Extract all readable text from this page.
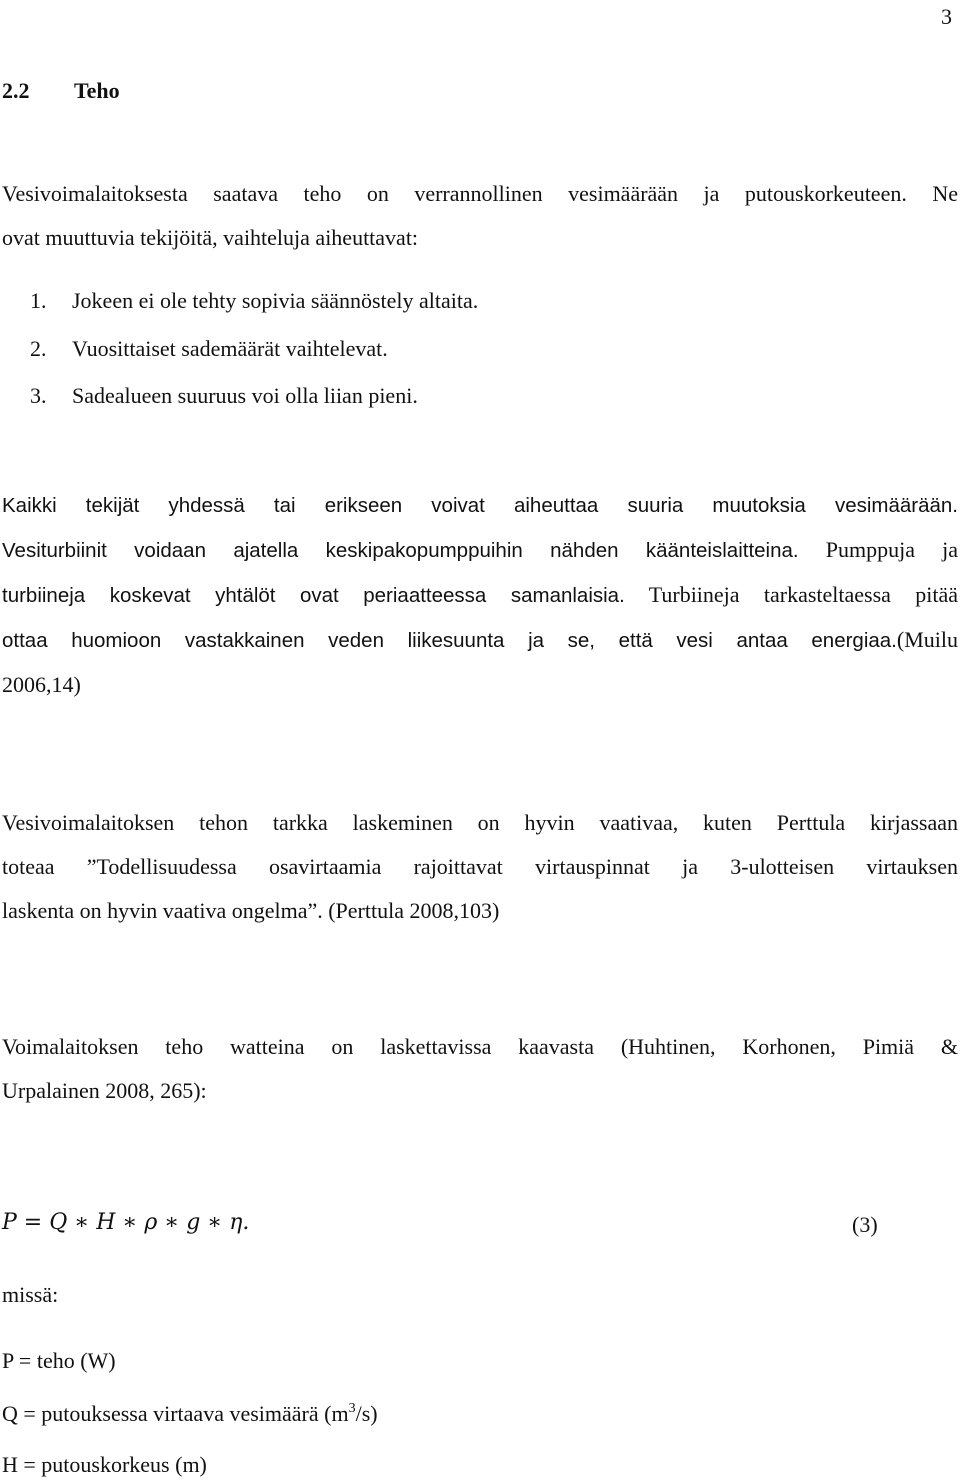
3
2.2 Teho
Vesivoimalaitoksesta saatava teho on verrannollinen vesimäärään ja putouskorkeuteen. Ne
ovat muuttuvia tekijöitä, vaihteluja aiheuttavat:
1. Jokeen ei ole tehty sopivia säännöstely altaita.
2. Vuosittaiset sademäärät vaihtelevat.
3. Sadealueen suuruus voi olla liian pieni.
Kaikki tekijät yhdessä tai erikseen voivat aiheuttaa suuria muutoksia vesimäärään.
Vesiturbiinit voidaan ajatella keskipakopumppuihin nähden käänteislaitteina. Pumppuja ja
turbiineja koskevat yhtälöt ovat periaatteessa samanlaisia. Turbiineja tarkasteltaessa pitää
ottaa huomioon vastakkainen veden liikesuunta ja se, että vesi antaa energiaa.(Muilu
2006,14)
Vesivoimalaitoksen tehon tarkka laskeminen on hyvin vaativaa, kuten Perttula kirjassaan
toteaa ”Todellisuudessa osavirtaamia rajoittavat virtauspinnat ja 3-ulotteisen virtauksen
laskenta on hyvin vaativa ongelma”. (Perttula 2008,103)
Voimalaitoksen teho watteina on laskettavissa kaavasta (Huhtinen, Korhonen, Pimiä &
Urpalainen 2008, 265):
P = Q ∗ H ∗ ρ ∗ g ∗ η.	(3)
missä:
P = teho (W)
Q = putouksessa virtaava vesimäärä $(m^3/s)$
H = putouskorkeus (m)
